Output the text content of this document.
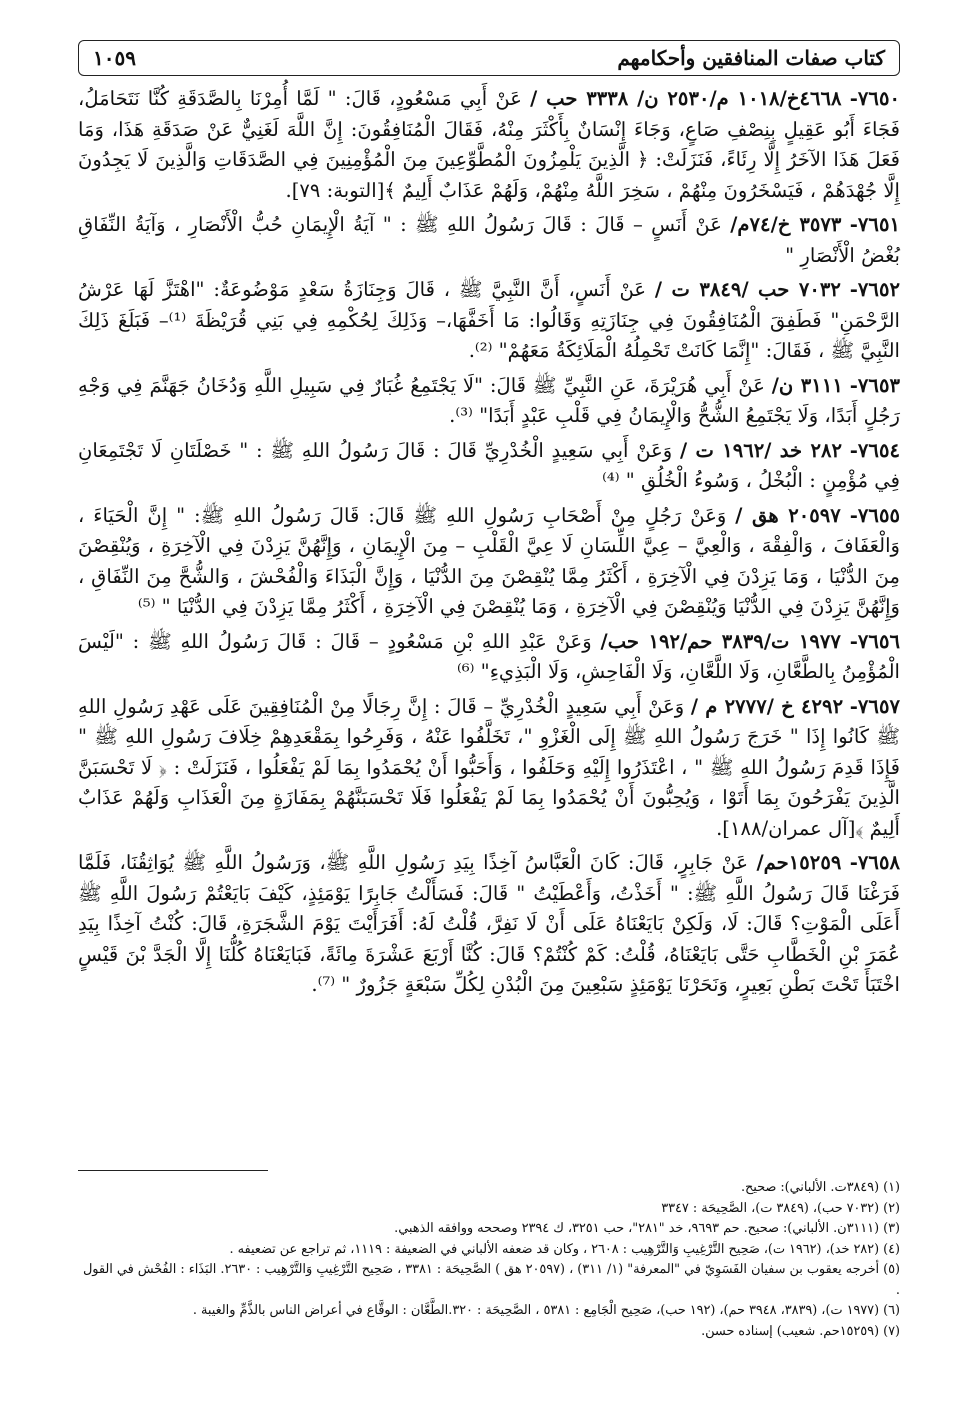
كتاب صفات المنافقين وأحكامهم
١٠٥٩

٧٦٥٠- ٤٦٦٨خ/١٠١٨ م/٢٥٣٠ ن/ ٣٣٣٨ حب / عَنْ أَبِي مَسْعُودٍ، قَالَ: " لَمَّا أُمِرْنَا بِالصَّدَقَةِ كُنَّا نَتَحَامَلُ، فَجَاءَ أَبُو عَقِيلٍ بِنِصْفِ صَاعٍ، وَجَاءَ إِنْسَانٌ بِأَكْثَرَ مِنْهُ، فَقَالَ الْمُنَافِقُونَ: إِنَّ اللَّهَ لَغَنِيٌّ عَنْ صَدَقَةِ هَذَا، وَمَا فَعَلَ هَذَا الآخَرُ إِلَّا رِئَاءً، فَنَزَلَتْ: ﴿ الَّذِينَ يَلْمِزُونَ الْمُطَّوِّعِينَ مِنَ الْمُؤْمِنِينَ فِي الصَّدَقَاتِ وَالَّذِينَ لَا يَجِدُونَ إِلَّا جُهْدَهُمْ ، فَيَسْخَرُونَ مِنْهُمْ ، سَخِرَ اللَّهُ مِنْهُمْ، وَلَهُمْ عَذَابٌ أَلِيمٌ ﴾[التوبة: ٧٩].

٧٦٥١- ٣٥٧٣ خ/٧٤م/ عَنْ أَنَسٍ – قَالَ : قَالَ رَسُولُ اللهِ ﷺ : " آيَةُ الْإِيمَانِ حُبُّ الْأَنْصَارِ ، وَآيَةُ النِّفَاقِ بُغْضُ الْأَنْصَارِ "

٧٦٥٢- ٧٠٣٢ حب /٣٨٤٩ ت / عَنْ أَنَسٍ، أَنَّ النَّبِيَّ ﷺ ، قَالَ وَجِنَازَةُ سَعْدٍ مَوْضُوعَةٌ: "اهْتَزَّ لَهَا عَرْشُ الرَّحْمَنِ" فَطَفِقَ الْمُنَافِقُونَ فِي جِنَازَتِهِ وَقَالُوا: مَا أَخَفَّهَا،– وَذَلِكَ لِحُكْمِهِ فِي بَنِي قُرَيْظَةَ ⁽¹⁾– فَبَلَغَ ذَلِكَ النَّبِيَّ ﷺ ، فَقَالَ: "إِنَّمَا كَانَتْ تَحْمِلُهُ الْمَلَائِكَةُ مَعَهُمْ" ⁽²⁾.

٧٦٥٣- ٣١١١ ن/ عَنْ أَبِي هُرَيْرَةَ، عَنِ النَّبِيِّ ﷺ قَالَ: "لَا يَجْتَمِعُ غُبَارٌ فِي سَبِيلِ اللَّهِ وَدُخَانُ جَهَنَّمَ فِي وَجْهِ رَجُلٍ أَبَدًا، وَلَا يَجْتَمِعُ الشُّحُّ وَالْإِيمَانُ فِي قَلْبِ عَبْدٍ أَبَدًا" ⁽³⁾.

٧٦٥٤- ٢٨٢ خد /١٩٦٢ ت / وَعَنْ أَبِي سَعِيدٍ الْخُدْرِيِّ قَالَ : قَالَ رَسُولُ اللهِ ﷺ : " خَصْلَتَانِ لَا تَجْتَمِعَانِ فِي مُؤْمِنٍ : الْبُخْلُ ، وَسُوءُ الْخُلُقِ " ⁽⁴⁾

٧٦٥٥- ٢٠٥٩٧ هق / وَعَنْ رَجُلٍ مِنْ أَصْحَابِ رَسُولِ اللهِ ﷺ قَالَ: قَالَ رَسُولُ اللهِ ﷺ: " إِنَّ الْحَيَاءَ ، وَالْعَفَافَ ، وَالْفِقْهَ ، وَالْعِيَّ – عِيَّ اللِّسَانِ لَا عِيَّ الْقَلْبِ – مِنَ الْإِيمَانِ ، وَإِنَّهُنَّ يَزِدْنَ فِي الْآخِرَةِ ، وَيُنْقِصْنَ مِنَ الدُّنْيَا ، وَمَا يَزِدْنَ فِي الْآخِرَةِ ، أَكْثَرُ مِمَّا يُنْقِصْنَ مِنَ الدُّنْيَا ، وَإِنَّ الْبَذَاءَ وَالْفُحْشَ ، وَالشُّحَّ مِنَ النِّفَاقِ ، وَإِنَّهُنَّ يَزِدْنَ فِي الدُّنْيَا وَيُنْقِصْنَ فِي الْآخِرَةِ ، وَمَا يُنْقِصْنَ فِي الْآخِرَةِ ، أَكْثَرُ مِمَّا يَزِدْنَ فِي الدُّنْيَا " ⁽⁵⁾

٧٦٥٦- ١٩٧٧ ت/٣٨٣٩ حم/١٩٢ حب/ وَعَنْ عَبْدِ اللهِ بْنِ مَسْعُودٍ – قَالَ : قَالَ رَسُولُ اللهِ ﷺ : "لَيْسَ الْمُؤْمِنُ بِالطَّعَّانِ، وَلَا اللَّعَّانِ، وَلَا الْفَاحِشِ، وَلَا الْبَذِيءِ" ⁽⁶⁾

٧٦٥٧- ٤٢٩٢ خ /٢٧٧٧ م / وَعَنْ أَبِي سَعِيدٍ الْخُدْرِيِّ – قَالَ : إِنَّ رِجَالًا مِنْ الْمُنَافِقِينَ عَلَى عَهْدِ رَسُولِ اللهِ ﷺ كَانُوا إِذَا " خَرَجَ رَسُولُ اللهِ ﷺ إِلَى الْغَزْوِ "، تَخَلَّفُوا عَنْهُ ، وَفَرِحُوا بِمَقْعَدِهِمْ خِلَافَ رَسُولِ اللهِ ﷺ " فَإِذَا قَدِمَ رَسُولُ اللهِ ﷺ " ، اعْتَذَرُوا إِلَيْهِ وَحَلَفُوا ، وَأَحَبُّوا أَنْ يُحْمَدُوا بِمَا لَمْ يَفْعَلُوا ، فَنَزَلَتْ : ﴿ لَا تَحْسَبَنَّ الَّذِينَ يَفْرَحُونَ بِمَا أَتَوْا ، وَيُحِبُّونَ أَنْ يُحْمَدُوا بِمَا لَمْ يَفْعَلُوا فَلَا تَحْسَبَنَّهُمْ بِمَفَازَةٍ مِنَ الْعَذَابِ وَلَهُمْ عَذَابٌ أَلِيمٌ ﴾[آل عمران/١٨٨].

٧٦٥٨- ١٥٢٥٩حم/ عَنْ جَابِرٍ، قَالَ: كَانَ الْعَبَّاسُ آخِذًا بِيَدِ رَسُولِ اللَّهِ ﷺ، وَرَسُولُ اللَّهِ ﷺ يُوَاثِقُنَا، فَلَمَّا فَرَغْنَا قَالَ رَسُولُ اللَّهِ ﷺ: " أَخَذْتُ، وَأَعْطَيْتُ " قَالَ: فَسَأَلْتُ جَابِرًا يَوْمَئِذٍ، كَيْفَ بَايَعْتُمْ رَسُولَ اللَّهِ ﷺ أَعَلَى الْمَوْتِ؟ قَالَ: لَا، وَلَكِنْ بَايَعْنَاهُ عَلَى أَنْ لَا نَفِرَّ، قُلْتُ لَهُ: أَفَرَأَيْتَ يَوْمَ الشَّجَرَةِ، قَالَ: كُنْتُ آخِذًا بِيَدِ عُمَرَ بْنِ الْخَطَّابِ حَتَّى بَايَعْنَاهُ، قُلْتُ: كَمْ كُنْتُمْ؟ قَالَ: كُنَّا أَرْبَعَ عَشْرَةَ مِائَةً، فَبَايَعْنَاهُ كُلُّنَا إِلَّا الْجَدَّ بْنَ قَيْسٍ اخْتَبَأَ تَحْتَ بَطْنِ بَعِيرٍ، وَنَحَرْنَا يَوْمَئِذٍ سَبْعِينَ مِنَ الْبُدْنِ لِكُلِّ سَبْعَةٍ جَزُورٌ " ⁽⁷⁾.

(١) (٣٨٤٩ت. الألباني): صحيح.

(٢) (٧٠٣٢ حب)، (٣٨٤٩ ت)، الصَّحِيحَة : ٣٣٤٧

(٣) (٣١١١ن. الألباني): صحيح. حم ٩٦٩٣، خد "٢٨١"، حب ٣٢٥١، ك ٢٣٩٤ وصححه ووافقه الذهبي.

(٤) (٢٨٢ خد)، (١٩٦٢ ت)، صَحِيح التَّرْغِيبِ وَالتَّرْهِيب : ٢٦٠٨ ، وكان قد ضعفه الألباني في الضعيفة : ١١١٩، ثم تراجع عن تضعيفه .

(٥) أخرجه يعقوب بن سفيان الفَسَوِيّ في "المعرفة" (١/ ٣١١) ، (٢٠٥٩٧ هق ) الصَّحِيحَة : ٣٣٨١ ، صَحِيح التَّرْغِيبِ وَالتَّرْهِيب : ٢٦٣٠. البَذَاء : الفُحْش في القول .

(٦) (١٩٧٧ ت)، (٣٨٣٩، ٣٩٤٨ حم)، (١٩٢ حب)، صَحِيح الْجَامِع : ٥٣٨١ ، الصَّحِيحَة : ٣٢٠.الطَّعَّان : الوقَّاع في أعراض الناس بالذَّمِّ والغيبة .

(٧) (١٥٢٥٩حم. شعيب) إسناده حسن.
